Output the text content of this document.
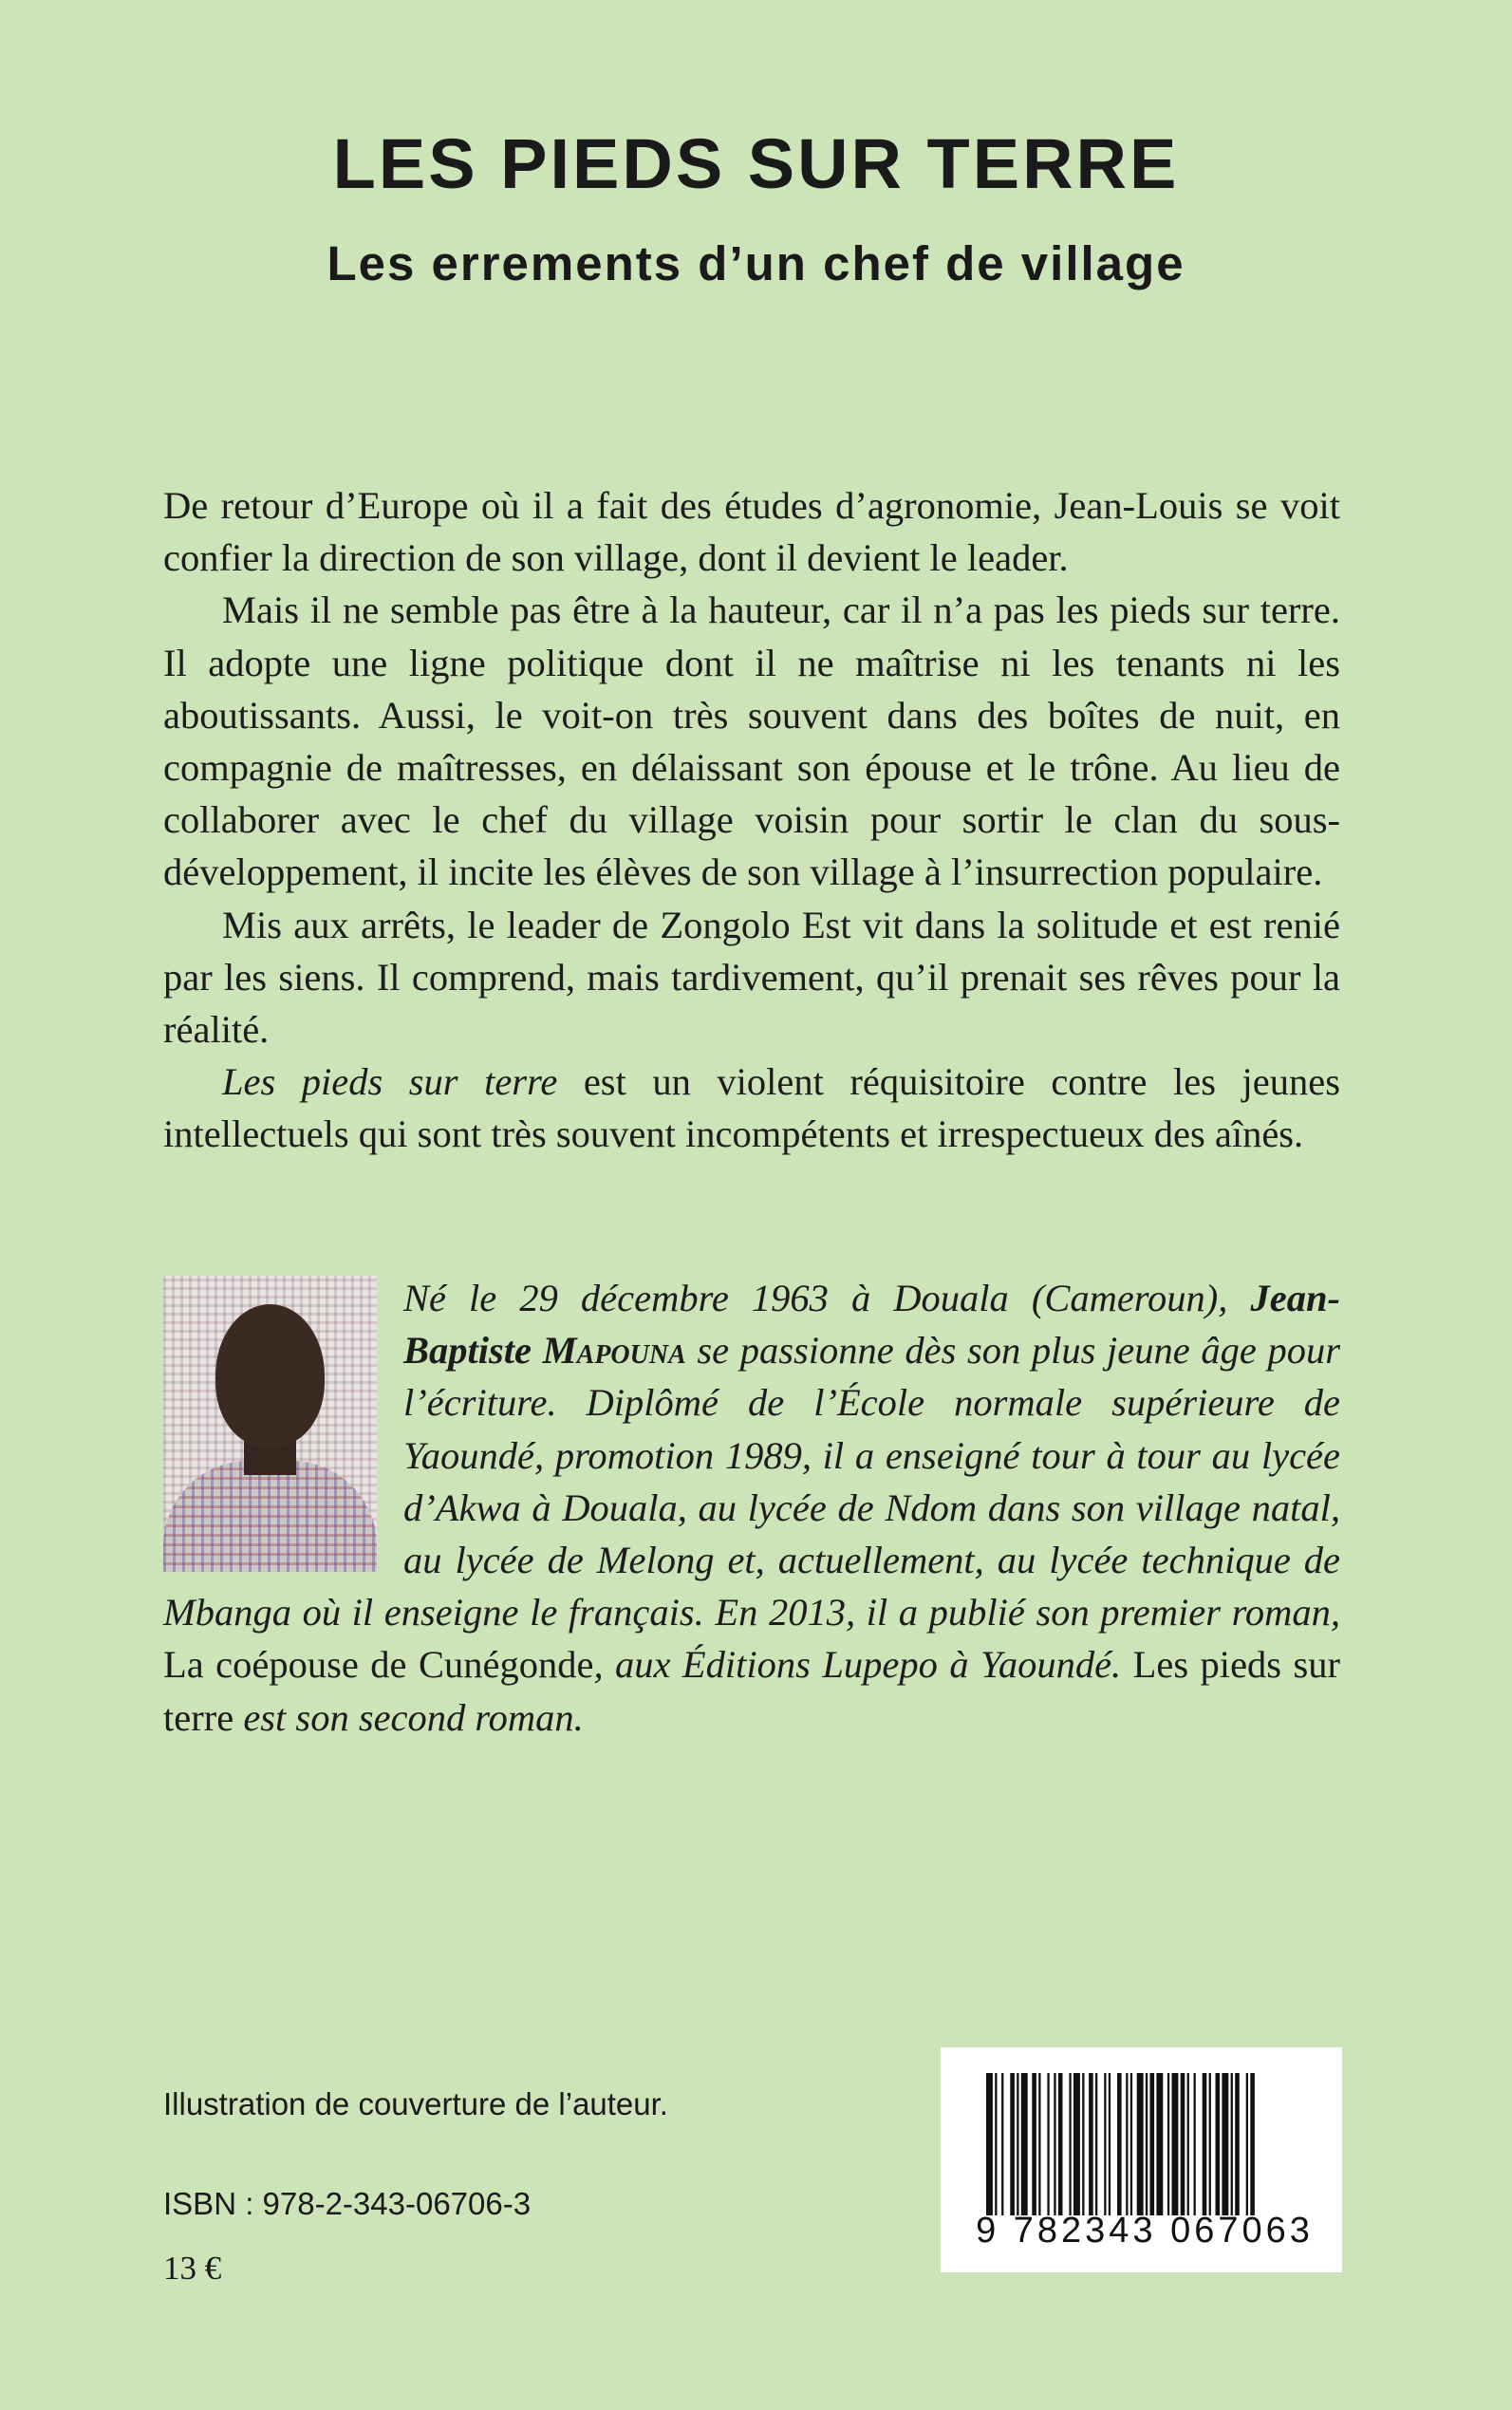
LES PIEDS SUR TERRE
Les errements d’un chef de village

De retour d’Europe où il a fait des études d’agronomie, Jean-Louis se voit confier la direction de son village, dont il devient le leader.

Mais il ne semble pas être à la hauteur, car il n’a pas les pieds sur terre. Il adopte une ligne politique dont il ne maîtrise ni les tenants ni les aboutissants. Aussi, le voit-on très souvent dans des boîtes de nuit, en compagnie de maîtresses, en délaissant son épouse et le trône. Au lieu de collaborer avec le chef du village voisin pour sortir le clan du sous-développement, il incite les élèves de son village à l’insurrection populaire.

Mis aux arrêts, le leader de Zongolo Est vit dans la solitude et est renié par les siens. Il comprend, mais tardivement, qu’il prenait ses rêves pour la réalité.

Les pieds sur terre est un violent réquisitoire contre les jeunes intellectuels qui sont très souvent incompétents et irrespectueux des aînés.

Né le 29 décembre 1963 à Douala (Cameroun), Jean-Baptiste Mapouna se passionne dès son plus jeune âge pour l’écriture. Diplômé de l’École normale supérieure de Yaoundé, promotion 1989, il a enseigné tour à tour au lycée d’Akwa à Douala, au lycée de Ndom dans son village natal, au lycée de Melong et, actuellement, au lycée technique de Mbanga où il enseigne le français. En 2013, il a publié son premier roman, La coépouse de Cunégonde, aux Éditions Lupepo à Yaoundé. Les pieds sur terre est son second roman.
Illustration de couverture de l’auteur.
ISBN : 978-2-343-06706-3
13 €
9 782343 067063
